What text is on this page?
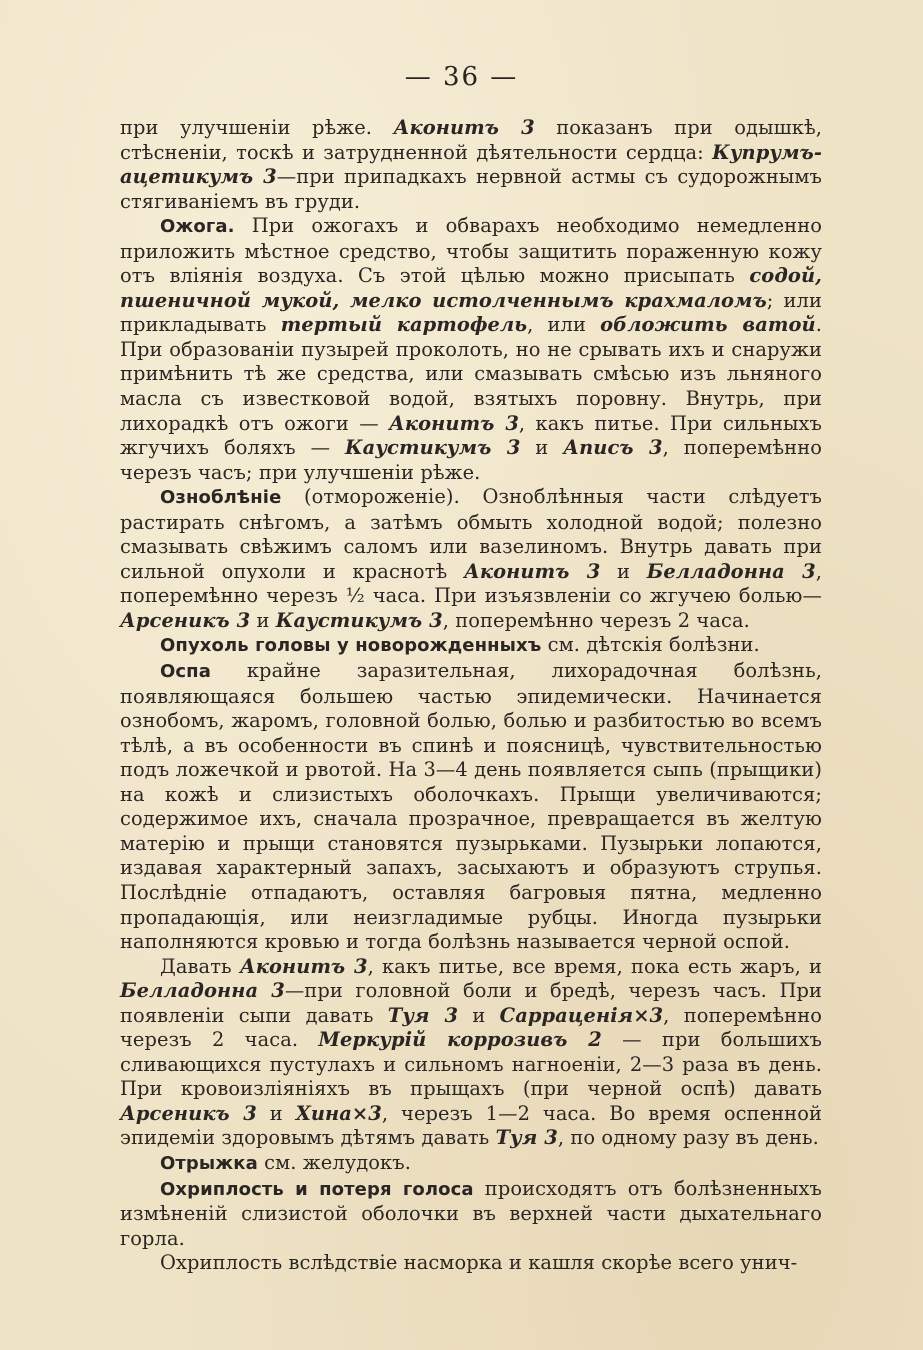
— 36 —

при улучшеніи рѣже. Аконитъ 3 показанъ при одышкѣ, стѣсненіи, тоскѣ и затрудненной дѣятельности сердца: Купрумъ-ацетикумъ 3—при припадкахъ нервной астмы съ судорожнымъ стягиваніемъ въ груди.

Ожога. При ожогахъ и обварахъ необходимо немедленно приложить мѣстное средство, чтобы защитить пораженную кожу отъ вліянія воздуха. Съ этой цѣлью можно присыпать содой, пшеничной мукой, мелко истолченнымъ крахмаломъ; или прикладывать тертый картофель, или обложить ватой. При образованіи пузырей проколоть, но не срывать ихъ и снаружи примѣнить тѣ же средства, или смазывать смѣсью изъ льняного масла съ известковой водой, взятыхъ поровну. Внутрь, при лихорадкѣ отъ ожоги — Аконитъ 3, какъ питье. При сильныхъ жгучихъ боляхъ — Каустикумъ 3 и Аписъ 3, поперемѣнно черезъ часъ; при улучшеніи рѣже.

Озноблѣніе (отмороженіе). Озноблѣнныя части слѣдуетъ растирать снѣгомъ, а затѣмъ обмыть холодной водой; полезно смазывать свѣжимъ саломъ или вазелиномъ. Внутрь давать при сильной опухоли и краснотѣ Аконитъ 3 и Белладонна 3, поперемѣнно черезъ ½ часа. При изъязвленіи со жгучею болью— Арсеникъ 3 и Каустикумъ 3, поперемѣнно черезъ 2 часа.

Опухоль головы у новорожденныхъ см. дѣтскія болѣзни.

Оспа крайне заразительная, лихорадочная болѣзнь, появляющаяся большею частью эпидемически. Начинается ознобомъ, жаромъ, головной болью, болью и разбитостью во всемъ тѣлѣ, а въ особенности въ спинѣ и поясницѣ, чувствительностью подъ ложечкой и рвотой. На 3—4 день появляется сыпь (прыщики) на кожѣ и слизистыхъ оболочкахъ. Прыщи увеличиваются; содержимое ихъ, сначала прозрачное, превращается въ желтую матерію и прыщи становятся пузырьками. Пузырьки лопаются, издавая характерный запахъ, засыхаютъ и образуютъ струпья. Послѣдніе отпадаютъ, оставляя багровыя пятна, медленно пропадающія, или неизгладимые рубцы. Иногда пузырьки наполняются кровью и тогда болѣзнь называется черной оспой.

Давать Аконитъ 3, какъ питье, все время, пока есть жаръ, и Белладонна 3—при головной боли и бредѣ, черезъ часъ. При появленіи сыпи давать Туя 3 и Сарраценія×3, поперемѣнно черезъ 2 часа. Меркурій коррозивъ 2 — при большихъ сливающихся пустулахъ и сильномъ нагноеніи, 2—3 раза въ день. При кровоизліяніяхъ въ прыщахъ (при черной оспѣ) давать Арсеникъ 3 и Хина×3, черезъ 1—2 часа. Во время оспенной эпидеміи здоровымъ дѣтямъ давать Туя 3, по одному разу въ день.

Отрыжка см. желудокъ.

Охриплость и потеря голоса происходятъ отъ болѣзненныхъ измѣненій слизистой оболочки въ верхней части дыхательнаго горла.

Охриплость вслѣдствіе насморка и кашля скорѣе всего унич-
